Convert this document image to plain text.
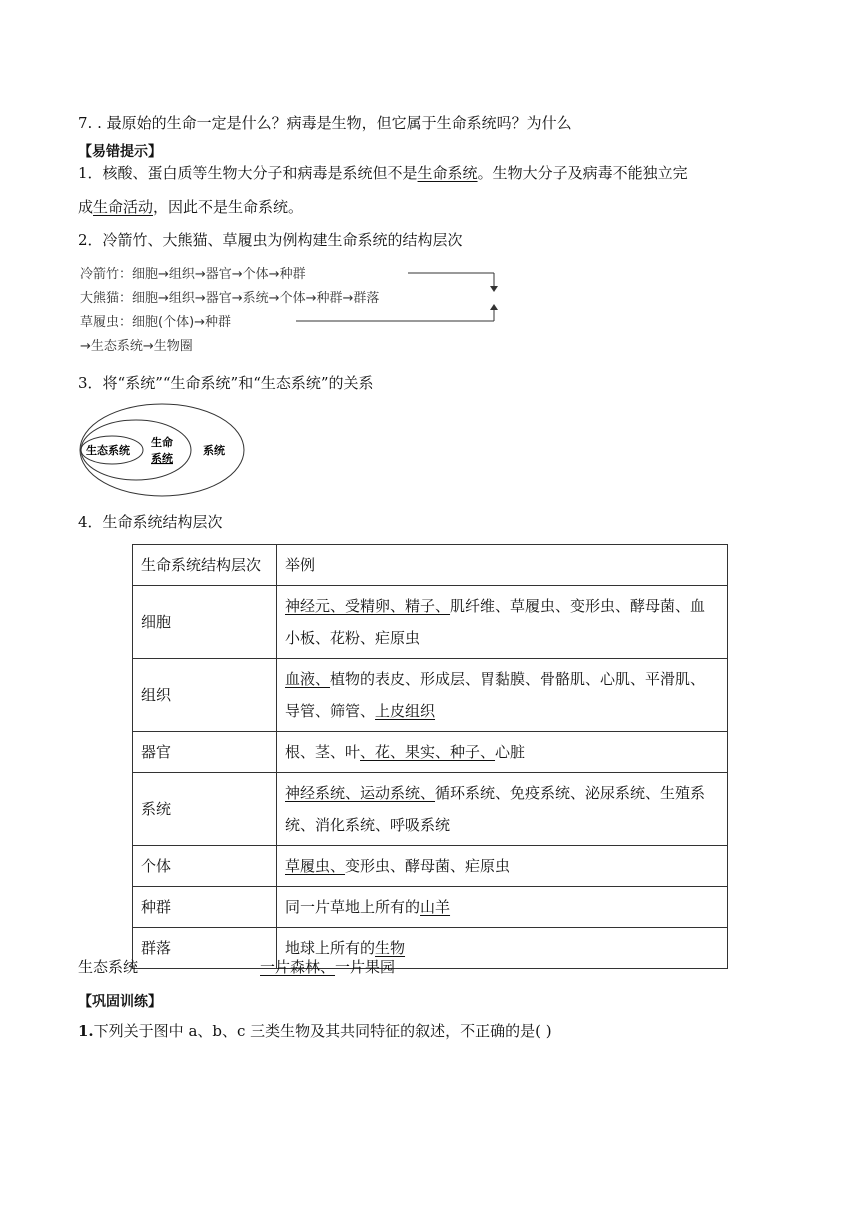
7. . 最原始的生命一定是什么？病毒是生物，但它属于生命系统吗？为什么
【易错提示】
1．核酸、蛋白质等生物大分子和病毒是系统但不是生命系统。生物大分子及病毒不能独立完
成生命活动，因此不是生命系统。
2．冷箭竹、大熊猫、草履虫为例构建生命系统的结构层次
冷箭竹：细胞→组织→器官→个体→种群
大熊猫：细胞→组织→器官→系统→个体→种群→群落
草履虫：细胞(个体)→种群
→生态系统→生物圈
3．将“系统”“生命系统”和“生态系统”的关系
生态系统
生命
系统
系统
4．生命系统结构层次
生命系统结构层次	举例
细胞	神经元、受精卵、精子、肌纤维、草履虫、变形虫、酵母菌、血小板、花粉、疟原虫
组织	血液、植物的表皮、形成层、胃黏膜、骨骼肌、心肌、平滑肌、导管、筛管、上皮组织
器官	根、茎、叶、花、果实、种子、心脏
系统	神经系统、运动系统、循环系统、免疫系统、泌尿系统、生殖系统、消化系统、呼吸系统
个体	草履虫、变形虫、酵母菌、疟原虫
种群	同一片草地上所有的山羊
群落	地球上所有的生物
生态系统	一片森林、一片果园
【巩固训练】
1.下列关于图中 a、b、c 三类生物及其共同特征的叙述，不正确的是( )
